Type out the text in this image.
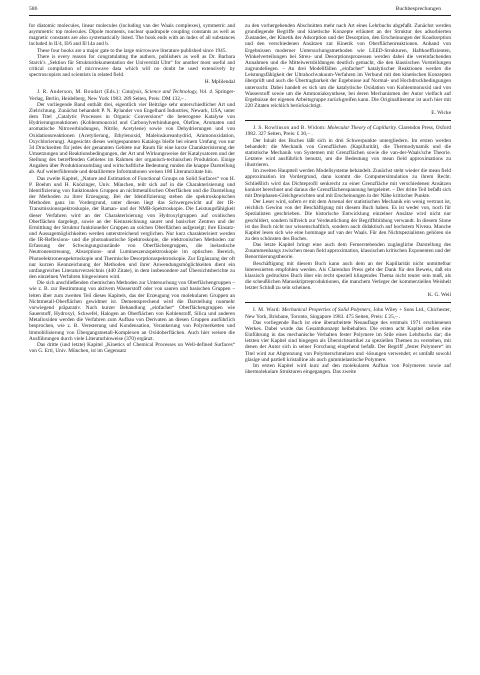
586	Buchbesprechungen

for diatomic molecules, linear molecules (including van der Waals complexes), symmetric and asymmetric top molecules. Dipole moments, nuclear quadrupole coupling constants as well as magnetic constants are also systematically listed. The book ends with an index of all substances included in II/4, II/6 and II/14a and b.

These four books are a major gate to the large microwave literature published since 1945.

There is every reason for congratulating the authors, publishers as well as Dr. Barbara Starck's „Sektion für Strukturdokumentation der Universität Ulm“ for another most useful and critical compilation of microwave data which will no doubt be used extensively by spectroscopists and scientists in related field.

H. Mplilendal

J. R. Anderson, M. Boudart (Eds.): Catalysis, Science and Technology, Vol. 4. Springer-Verlag, Berlin, Heidelberg, New York 1983. 289 Seiten, Preis: DM 132,– .

Der vorliegende Band enthält drei, eigentlich vier Beiträge sehr unterschiedlicher Art und Zielrichtung. Zunächst behandelt P. N. Rylander von Engelhard Industries, Newark, USA, unter dem Titel „Catalytic Processes in Organic Conversions“ die heterogene Katalyse von Hydrierungsreaktionen (Kohlenmonoxid und Carbonylverbindungen, Olefine, Aromaten und aromatische Nitroverbindungen, Nitrile, Acetylene) sowie von Dehydrierungen und von Oxidationsreaktionen (Acetylierung, Ethylenoxid, Maleinsäureanhydrid, Ammonoxidation, Oxychlorierung). Angesichts dieses weitgespannten Katalogs bleibt bei einem Umfang von nur 34 Druckseiten für jedes der genannten Gebiete nur Raum für eine kurze Charakterisierung der Umsetzungen und Reaktionsbedingungen, der Art und Wirkungsweise der Katalysatoren und der Stellung des betreffenden Gebietes im Rahmen der organisch-technischen Produktion. Einige Angaben über Produktionsumfang und wirtschaftliche Bedeutung runden die knappe Darstellung ab. Auf weiterführende und detailliertere Informationen weisen 180 Literaturzitate hin.

Das zweite Kapitel, „Nature and Estimation of Functional Groups on Solid Surfaces“ von H. P. Boehm und H. Knözinger, Univ. München, teilt sich auf in die Charakterisierung und Identifizierung von funktionalen Gruppen an nichtmetallischen Oberflächen und die Darstellung der Methoden zu ihrer Erzeugung. Bei der Identifizierung stehen die spektroskopischen Methoden ganz im Vordergrund, unter diesen liegt das Schwergewicht auf der IR-Transmissionsspektroskopie, der Raman- und der NMR-Spektroskopie. Die Leistungsfähigkeit dieser Verfahren wird an der Charakterisierung von Hydroxylgruppen auf oxidischen Oberflächen dargelegt, sowie an der Kennzeichnung saurer und basischer Zentren und der Ermittlung der Struktur funktioneller Gruppen an solchen Oberflächen aufgezeigt; ihre Einsatz- und Aussagemöglichkeiten werden unterstreichend verglichen. Nur kurz charakterisiert werden die IR-Reflexions- und die photoakustische Spektroskopie, die elektronischen Methoden zur Erfassung der Schwingungszustände von Oberflächengruppen, die inelastische Neutronenstreuung, Absorptions- und Lumineszenzspektroskopie im optischen Bereich, Photoelektronenspektroskopie und Thermische Desorptionsspektroskopie. Zur Ergänzung der oft nur kurzen Kennzeichnung der Methoden und ihrer Anwendungsmöglichkeiten dient ein umfangreiches Literaturverzeichnis (440 Zitate), in dem insbesondere auf Übersichtsberichte zu den einzelnen Verfahren hingewiesen wird.

Die sich anschließenden chemischen Methoden zur Untersuchung von Oberflächengruppen – wie z. B. zur Bestimmung von aktivem Wasserstoff oder von sauren und basischen Gruppen – leiten über zum zweiten Teil dieses Kapitels, das der Erzeugung von molekularen Gruppen an Nichtmetall-Oberflächen gewidmet ist. Dementsprechend wird die Darstellung nunmehr vorwiegend präparativ. Nach kurzer Behandlung „einfacher“ Oberflächengruppen wie Sauerstoff, Hydroxyl, Schwefel, Halogen an Oberflächen von Kohlenstoff, Silica und anderen Metalloxiden werden die Verfahren zum Aufbau von Derivaten an diesen Gruppen ausführlich besprochen, wie z. B. Veresterung und Kondensation, Verankerung von Polymerketten und Immobilisierung von Übergangsmetall-Komplexen an Oxidoberflächen. Auch hier weisen die Ausführungen durch viele Literaturhinweise (370) ergänzt.

Das dritte (und letzte) Kapitel „Kinetics of Chemical Processes on Well-defined Surfaces“ von G. Ertl, Univ. München, ist im Gegensatz

zu den vorhergehenden Abschnitten mehr nach Art eines Lehrbuchs abgefaßt. Zunächst werden grundlegende Begriffe und kinetische Konzepte erläutert an der Struktur des adsorbierten Zustandes, der Kinetik der Adsorption und der Desorption, den Erscheinungen der Koadsorption und den verschiedenen Ansätzen zur Kinetik von Oberflächenreaktionen. Anhand von Ergebnissen moderner Untersuchungsmethoden wie LEED-Strukturen, Haftkoeffizienten, Winkelverteilungen bei Streu- und Desorptionsprozessen werden dabei die vereinfachenden Annahmen und die Mittelwertsbildungen deutlich gemacht, die den klassischen Vorstellungen zugrundeliegen. – An drei Modellfällen „einfacher“ katalytischer Reaktionen werden die Leistungsfähigkeit der Ultrahochvakuum-Verfahren im Verbund mit den kinetischen Konzepten überprüft und auch die Übertragbarkeit der Ergebnisse auf Normal- und Hochdruckbedingungen untersucht. Dabei handelt es sich um die katalytische Oxidation von Kohlenmonoxid und von Wasserstoff sowie um die Ammoniaksynthese, bei deren Mechanismen der Autor vielfach auf Ergebnisse der eigenen Arbeitsgruppe zurückgreifen kann. Die Originalliteratur ist auch hier mit 220 Zitaten reichlich berücksichtigt.

E. Wicke

J. S. Rowlinson and B. Widom: Molecular Theory of Capillarity. Clarendon Press, Oxford 1982. 327 Seiten, Preis: £ 30,– .

Der Inhalt des Buches läßt sich in drei Schwerpunkte untergliedern. Im ersten werden behandelt: die Mechanik von Grenzflächen (Kapillarität), die Thermodynamik und die statistische Mechanik von Systemen mit Grenzflächen sowie die van-der-Waals'sche Theorie. Letztere wird ausführlich benutzt, um die Bedeutung von mean field approximations zu illustrieren.

Im zweiten Hauptteil werden Modellsysteme behandelt. Zunächst steht wieder die mean field approximation im Vordergrund, dann kommt die Computersimulation zu ihrem Recht. Schließlich wird das Dichteprofil senkrecht zu einer Grenzfläche mit verschiedenen Ansätzen konkret berechnet und daraus die Grenzflächenspannung hergeleitet. – Der dritte Teil befaßt sich mit Dreiphasen-Gleichgewichten und mit Erscheinungen in der Nähe kritischer Punkte.

Der Leser wird, sofern er mit dem Arsenal der statistischen Mechanik ein wenig vertraut ist, reichlich Gewinn von der Beschäftigung mit diesem Buch haben. Es ist weder von, noch für Spezialisten geschrieben. Die historische Entwicklung einzelner Ansätze wird nicht nur geschildert, sondern hilfreich zur Verdeutlichung der Begriffsbildung verwandt. In diesem Sinne ist das Buch nicht nur wissenschaftlich, sondern auch didaktisch auf hochstem Niveau. Manche Kapitel lesen sich wie eine hommage auf van der Waals. Für den Nichtspezialisten gehören sie zu den schönsten des Buches.

Das letzte Kapitel bringt eine auch dem Fernerstehenden zugängliche Darstellung des Zusammenhangs zwischen mean field approximation, klassischen kritischen Exponenten und der Renormierungstheorie.

Beschäftigung mit diesem Buch kann auch dem an der Kapillarität nicht unmittelbar Interessierten empfohlen werden. Als Clarendon Press gebt der Dank für den Beweis, daß ein klassisch gedrucktes Buch über ein recht speziell klingendes Thema nicht teurer sein muß, als die scheußlichen Manuskriptreproduktionen, die manchem Verleger der kommerziellen Weisheit letzter Schluß zu sein scheinen.

K. G. Weil

I. M. Ward: Mechanical Properties of Solid Polymers, John Wiley + Sons Ltd., Chichester, New York, Brisbane, Toronto, Singapore 1983. 475 Seiten, Preis: £ 25,– .

Das vorliegende Buch ist eine überarbeitete Neuauflage des erstmals 1971 erschienenen Werkes. Dabei wurde das Gesamtkonzept beibehalten. Die ersten acht Kapitel stellen eine Einführung in das mechanische Verhalten fester Polymere im Stile eines Lehrbuchs dar; die letzten vier Kapitel sind hingegen als Übersichtsartikel zu speziellen Themen zu verstehen, mit denen der Autor sich in seiner Forschung eingehend befaßt. Der Begriff „fester Polymere“ im Titel wird zur Abgrenzung von Polymerschmelzen und -lösungen verwendet; er umfaßt sowohl glasige und partiell kristalline als auch gummielastische Polymere.

Im ersten Kapitel wird kurz auf den molekularen Aufbau von Polymeren sowie auf übermolekulare Strukturen eingegangen. Das zweite
